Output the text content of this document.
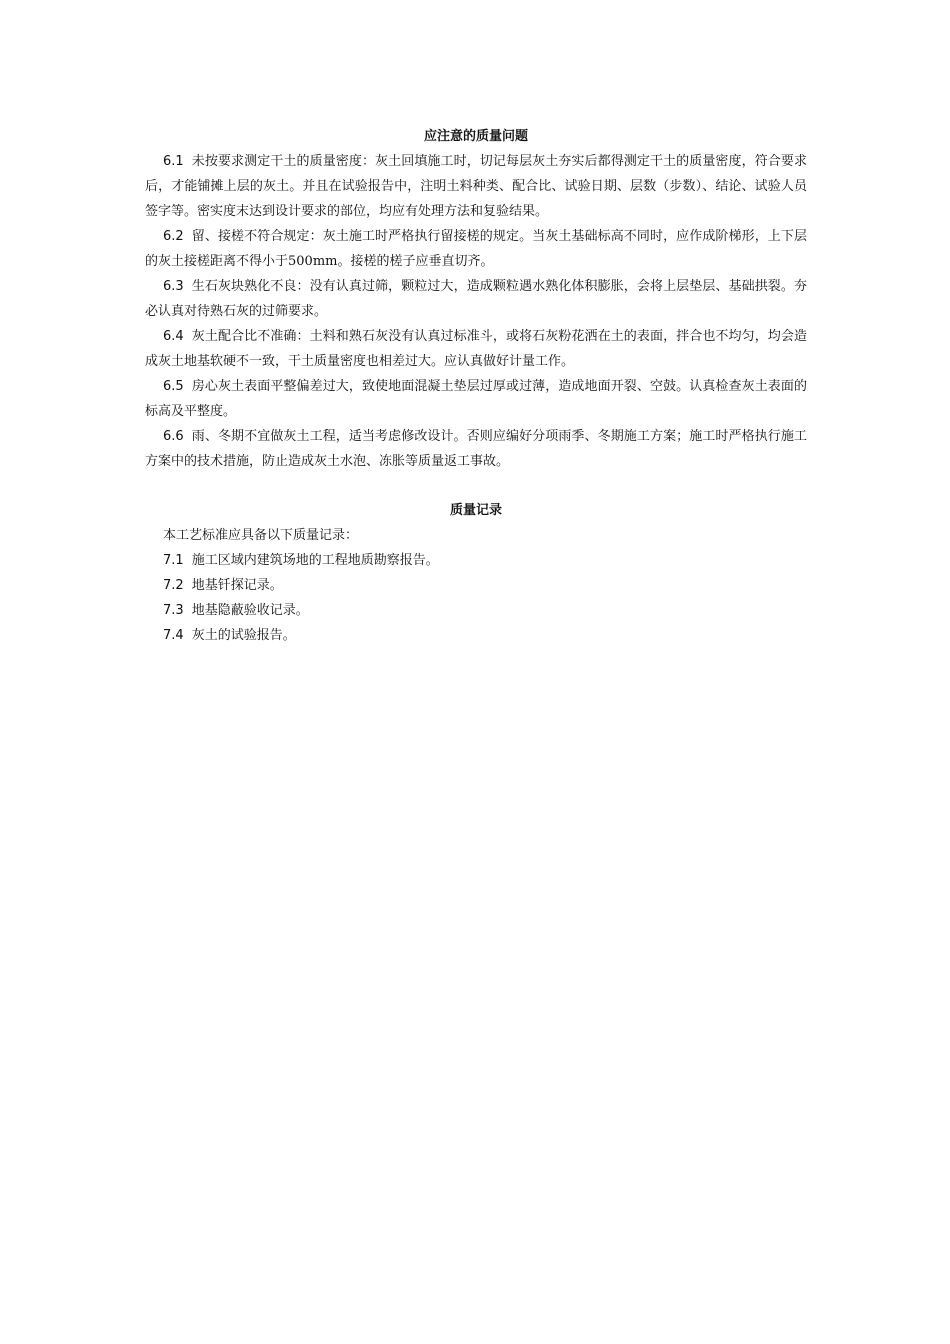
应注意的质量问题

6.1 未按要求测定干土的质量密度：灰土回填施工时，切记每层灰土夯实后都得测定干土的质量密度，符合要求后，才能铺摊上层的灰土。并且在试验报告中，注明土料种类、配合比、试验日期、层数（步数）、结论、试验人员签字等。密实度末达到设计要求的部位，均应有处理方法和复验结果。

6.2 留、接槎不符合规定：灰土施工时严格执行留接槎的规定。当灰土基础标高不同时，应作成阶梯形，上下层的灰土接槎距离不得小于500mm。接槎的槎子应垂直切齐。

6.3 生石灰块熟化不良：没有认真过筛，颗粒过大，造成颗粒遇水熟化体积膨胀，会将上层垫层、基础拱裂。夯必认真对待熟石灰的过筛要求。

6.4 灰土配合比不准确：土料和熟石灰没有认真过标准斗，或将石灰粉花洒在土的表面，拌合也不均匀，均会造成灰土地基软硬不一致，干土质量密度也相差过大。应认真做好计量工作。

6.5 房心灰土表面平整偏差过大，致使地面混凝土垫层过厚或过薄，造成地面开裂、空鼓。认真检查灰土表面的标高及平整度。

6.6 雨、冬期不宜做灰土工程，适当考虑修改设计。否则应编好分项雨季、冬期施工方案；施工时严格执行施工方案中的技术措施，防止造成灰土水泡、冻胀等质量返工事故。

质量记录

本工艺标准应具备以下质量记录：

7.1 施工区域内建筑场地的工程地质勘察报告。

7.2 地基钎探记录。

7.3 地基隐蔽验收记录。

7.4 灰土的试验报告。
